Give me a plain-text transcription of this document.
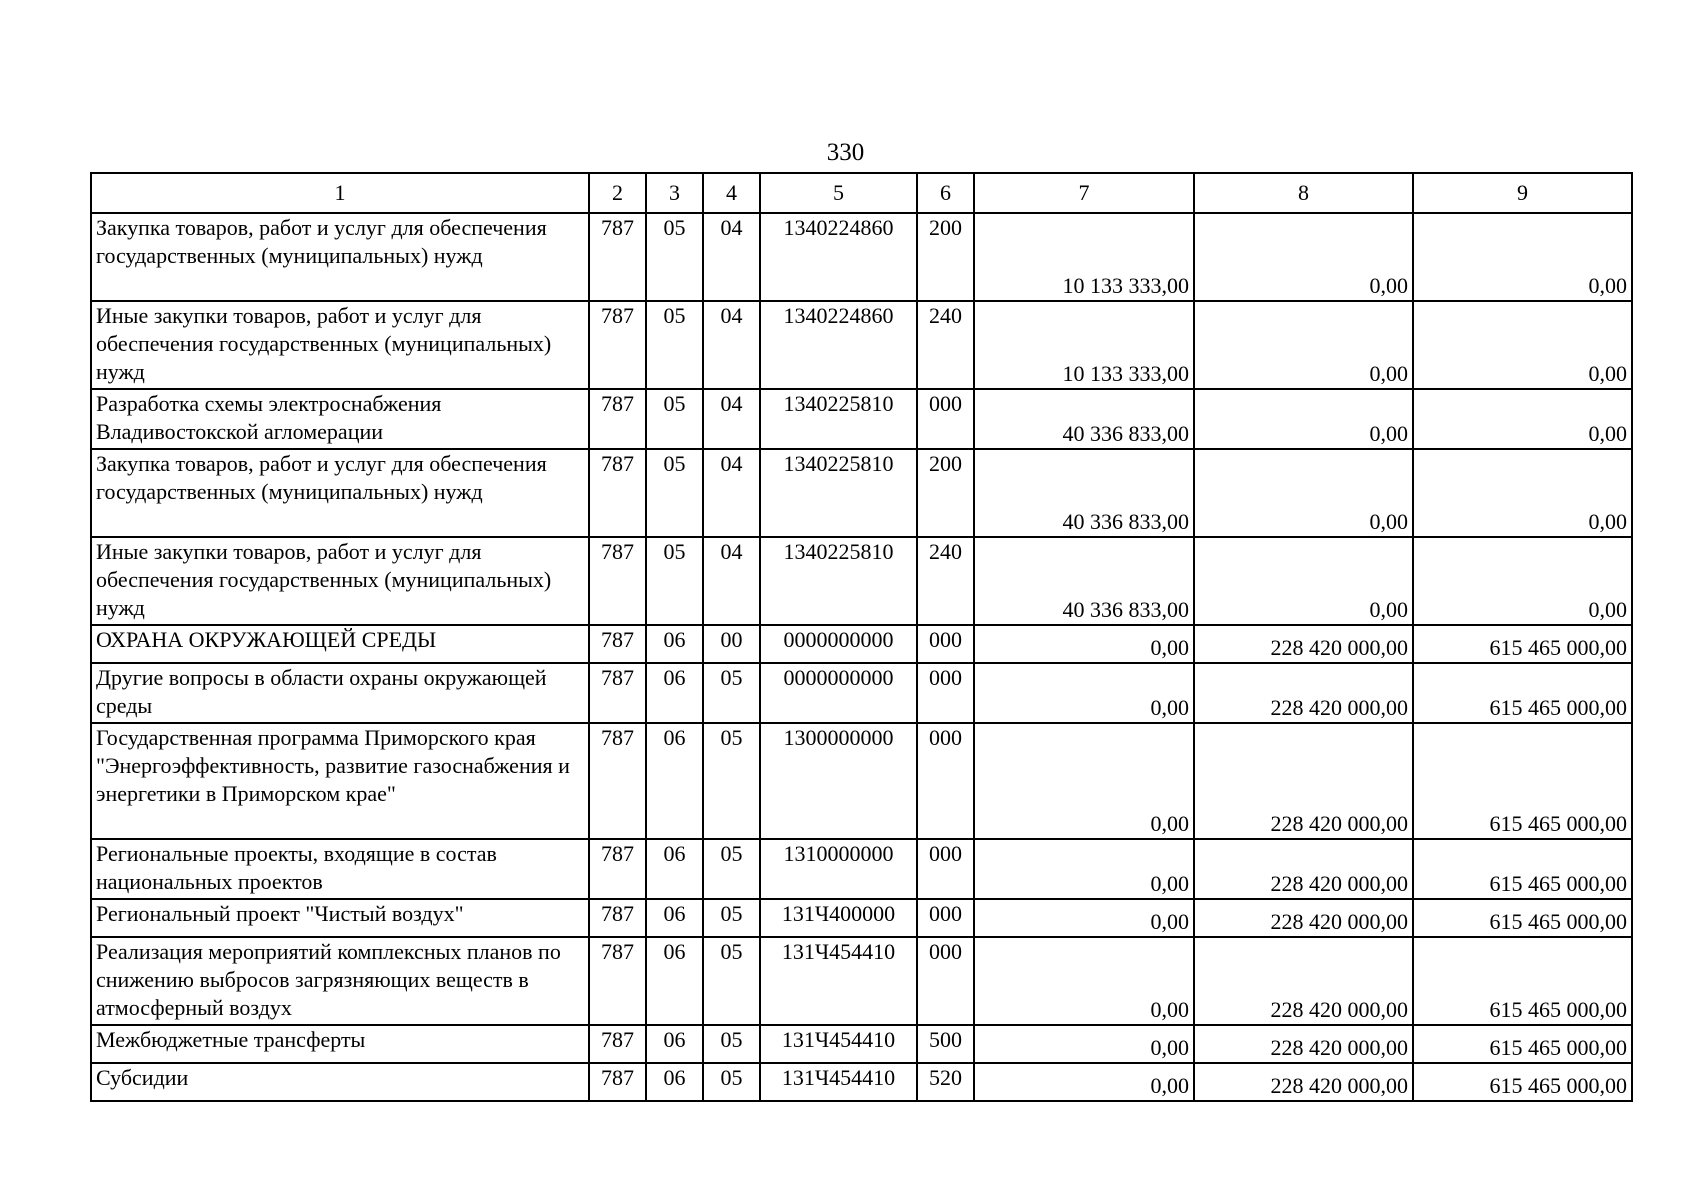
330
1	2	3	4	5	6	7	8	9
Закупка товаров, работ и услуг для обеспечения государственных (муниципальных) нужд	787	05	04	1340224860	200	10 133 333,00	0,00	0,00
Иные закупки товаров, работ и услуг для обеспечения государственных (муниципальных) нужд	787	05	04	1340224860	240	10 133 333,00	0,00	0,00
Разработка схемы электроснабжения Владивостокской агломерации	787	05	04	1340225810	000	40 336 833,00	0,00	0,00
Закупка товаров, работ и услуг для обеспечения государственных (муниципальных) нужд	787	05	04	1340225810	200	40 336 833,00	0,00	0,00
Иные закупки товаров, работ и услуг для обеспечения государственных (муниципальных) нужд	787	05	04	1340225810	240	40 336 833,00	0,00	0,00
ОХРАНА ОКРУЖАЮЩЕЙ СРЕДЫ	787	06	00	0000000000	000	0,00	228 420 000,00	615 465 000,00
Другие вопросы в области охраны окружающей среды	787	06	05	0000000000	000	0,00	228 420 000,00	615 465 000,00
Государственная программа Приморского края "Энергоэффективность, развитие газоснабжения и энергетики в Приморском крае"	787	06	05	1300000000	000	0,00	228 420 000,00	615 465 000,00
Региональные проекты, входящие в состав национальных проектов	787	06	05	1310000000	000	0,00	228 420 000,00	615 465 000,00
Региональный проект "Чистый воздух"	787	06	05	131Ч400000	000	0,00	228 420 000,00	615 465 000,00
Реализация мероприятий комплексных планов по снижению выбросов загрязняющих веществ в атмосферный воздух	787	06	05	131Ч454410	000	0,00	228 420 000,00	615 465 000,00
Межбюджетные трансферты	787	06	05	131Ч454410	500	0,00	228 420 000,00	615 465 000,00
Субсидии	787	06	05	131Ч454410	520	0,00	228 420 000,00	615 465 000,00
